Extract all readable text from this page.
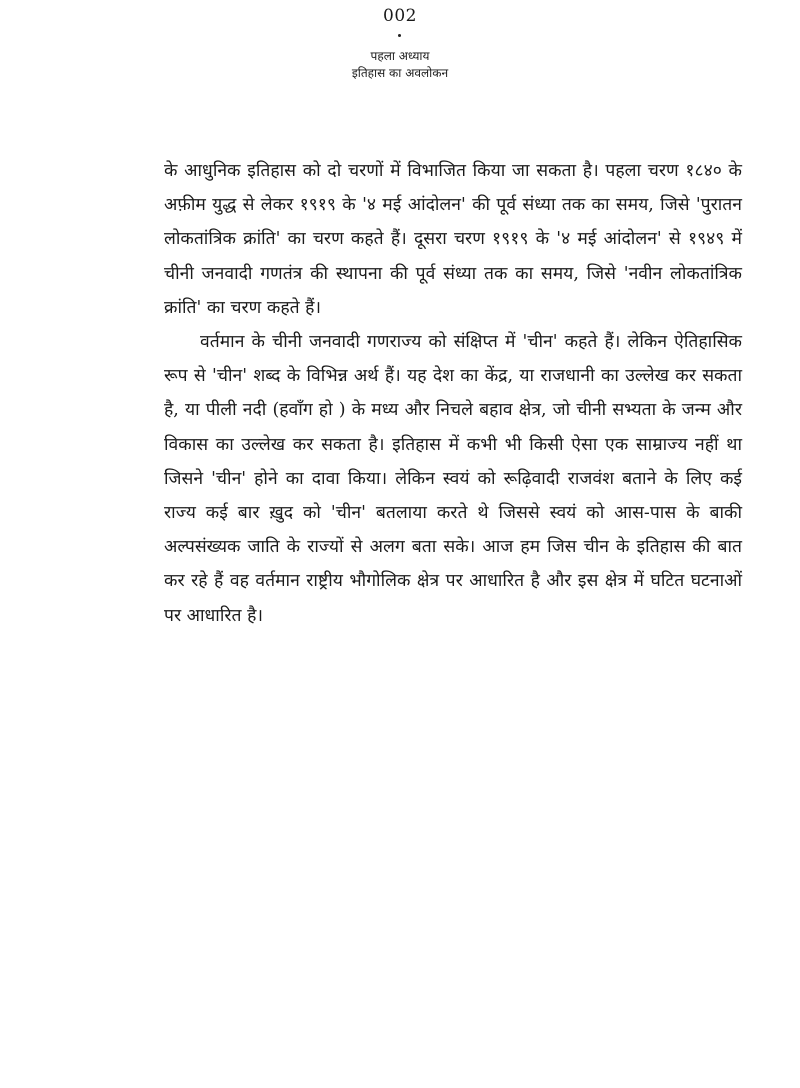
002
पहला अध्याय
इतिहास का अवलोकन

के आधुनिक इतिहास को दो चरणों में विभाजित किया जा सकता है। पहला चरण १८४० के अफ़ीम युद्ध से लेकर १९१९ के '४ मई आंदोलन' की पूर्व संध्या तक का समय, जिसे 'पुरातन लोकतांत्रिक क्रांति' का चरण कहते हैं। दूसरा चरण १९१९ के '४ मई आंदोलन' से १९४९ में चीनी जनवादी गणतंत्र की स्थापना की पूर्व संध्या तक का समय, जिसे 'नवीन लोकतांत्रिक क्रांति' का चरण कहते हैं।

वर्तमान के चीनी जनवादी गणराज्य को संक्षिप्त में 'चीन' कहते हैं। लेकिन ऐतिहासिक रूप से 'चीन' शब्द के विभिन्न अर्थ हैं। यह देश का केंद्र, या राजधानी का उल्लेख कर सकता है, या पीली नदी (हवाँग हो ) के मध्य और निचले बहाव क्षेत्र, जो चीनी सभ्यता के जन्म और विकास का उल्लेख कर सकता है। इतिहास में कभी भी किसी ऐसा एक साम्राज्य नहीं था जिसने 'चीन' होने का दावा किया। लेकिन स्वयं को रूढ़िवादी राजवंश बताने के लिए कई राज्य कई बार ख़ुद को 'चीन' बतलाया करते थे जिससे स्वयं को आस-पास के बाकी अल्पसंख्यक जाति के राज्यों से अलग बता सके। आज हम जिस चीन के इतिहास की बात कर रहे हैं वह वर्तमान राष्ट्रीय भौगोलिक क्षेत्र पर आधारित है और इस क्षेत्र में घटित घटनाओं पर आधारित है।
